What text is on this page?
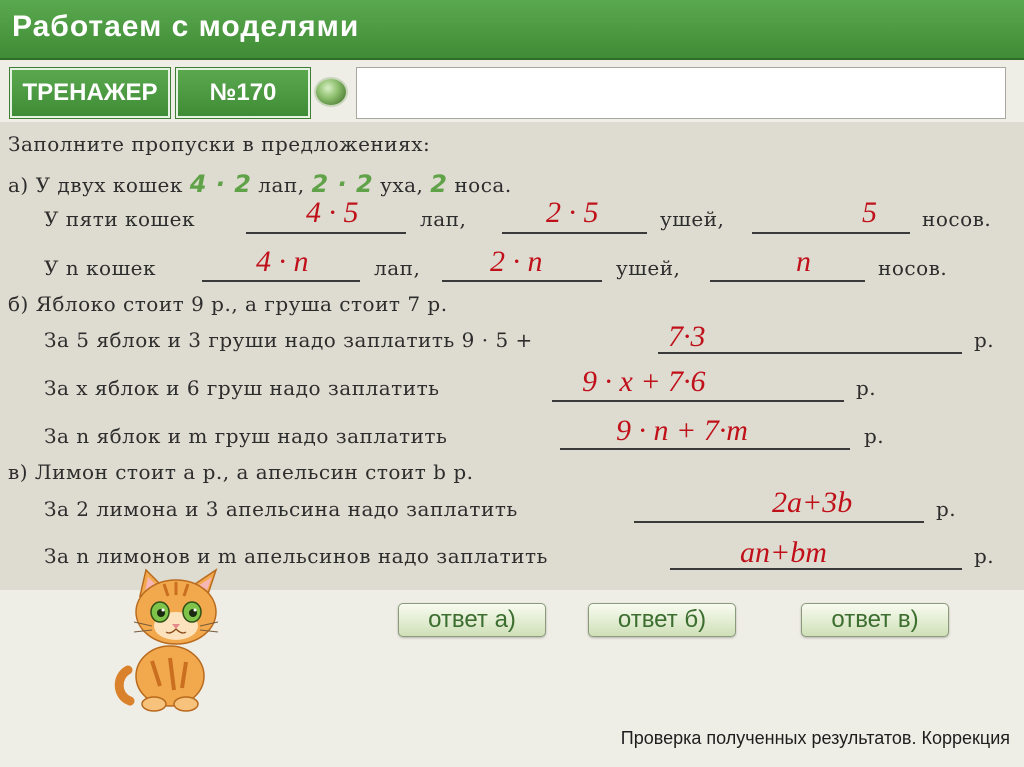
Работаем с моделями
ТРЕНАЖЕР	№170
Заполните пропуски в предложениях:
а) У двух кошек 4 · 2 лап, 2 · 2 уха, 2 носа.
У пяти кошек	лап,	ушей,	носов.
У n кошек	лап,	ушей,	носов.
б) Яблоко стоит 9 р., а груша стоит 7 р.
За 5 яблок и 3 груши надо заплатить 9 · 5 +	р.
За x яблок и 6 груш надо заплатить	р.
За n яблок и m груш надо заплатить	р.
в) Лимон стоит a р., а апельсин стоит b р.
За 2 лимона и 3 апельсина надо заплатить	р.
За n лимонов и m апельсинов надо заплатить	р.
4 · 5	2 · 5	5
4 · n	2 · n	n
7·3
9 · x + 7·6
9 · n + 7·m
2a+3b
an+bm
ответ а)	ответ б)	ответ в)
Проверка полученных результатов. Коррекция
